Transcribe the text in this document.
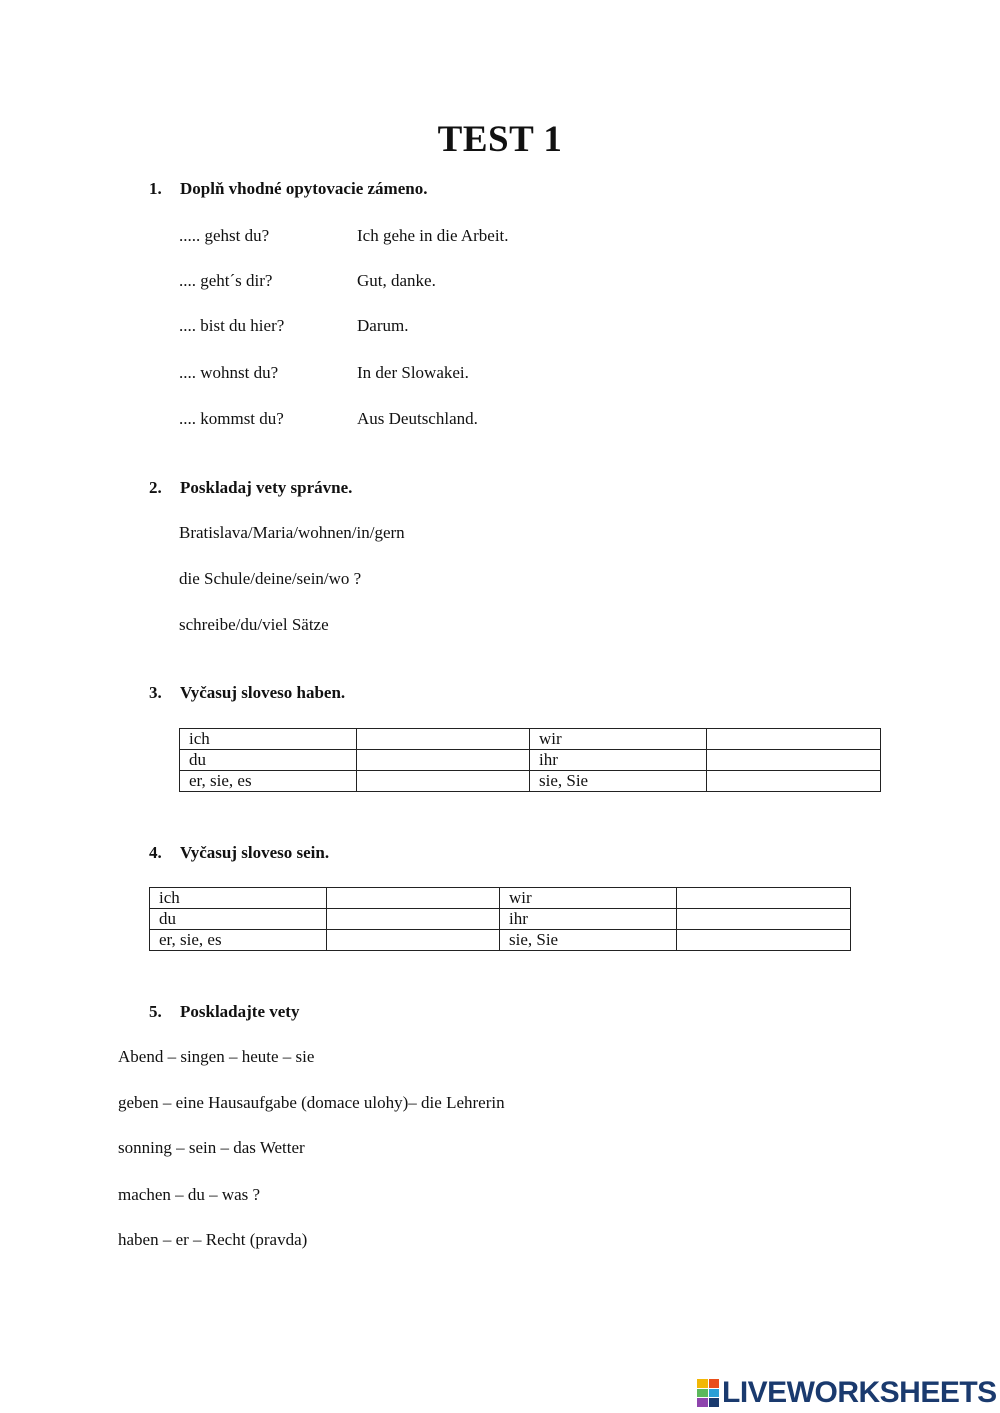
TEST 1
1. Doplň vhodné opytovacie zámeno.
..... gehst du?	Ich gehe in die Arbeit.
.... geht´s dir?	Gut, danke.
.... bist du hier?	Darum.
.... wohnst du?	In der Slowakei.
.... kommst du?	Aus Deutschland.
2. Poskladaj vety správne.
Bratislava/Maria/wohnen/in/gern
die Schule/deine/sein/wo ?
schreibe/du/viel Sätze
3. Vyčasuj sloveso haben.
ich		wir	
du		ihr	
er, sie, es		sie, Sie	
4. Vyčasuj sloveso sein.
ich		wir	
du		ihr	
er, sie, es		sie, Sie	
5. Poskladajte vety
Abend – singen – heute – sie
geben – eine Hausaufgabe (domace ulohy)– die Lehrerin
sonning – sein – das Wetter
machen – du – was ?
haben – er – Recht (pravda)
LIVEWORKSHEETS
